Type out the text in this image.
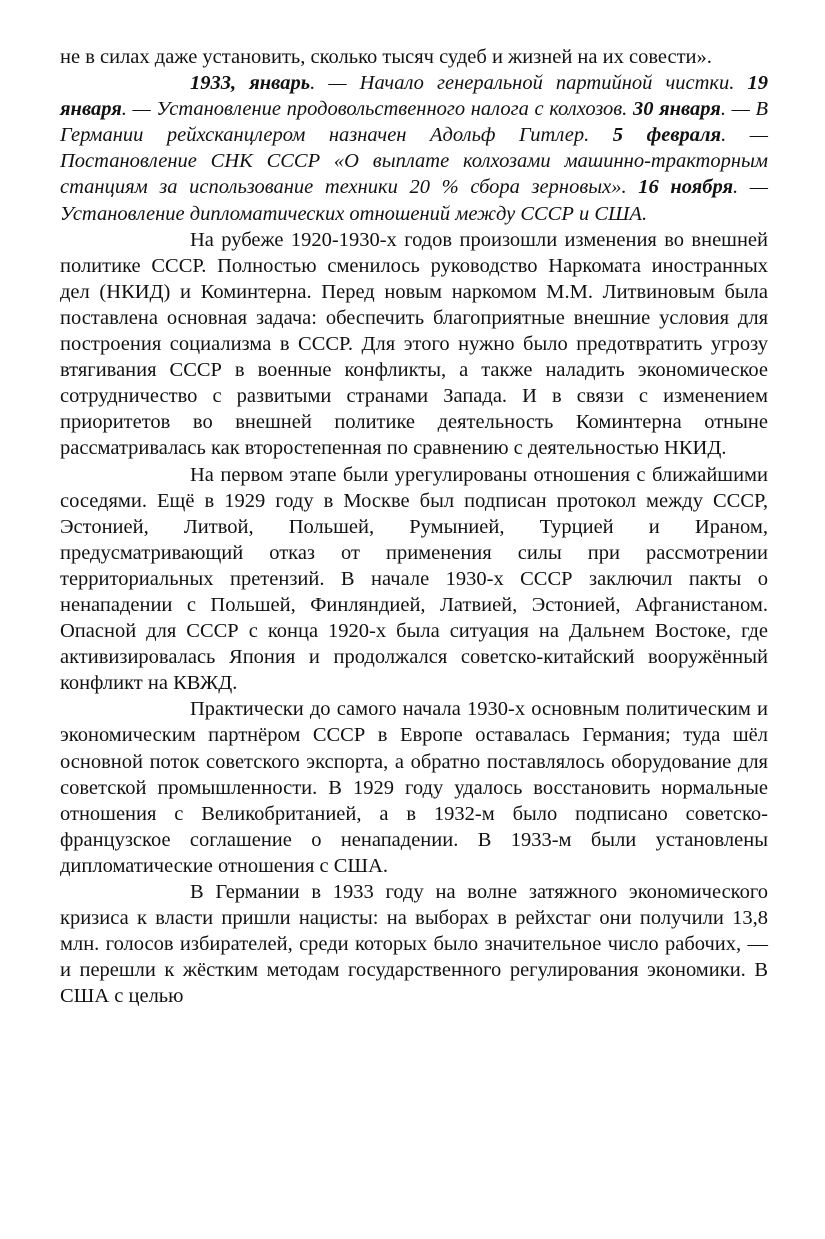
не в силах даже установить, сколько тысяч судеб и жизней на их совести».

1933, январь. — Начало генеральной партийной чистки. 19 января. — Установление продовольственного налога с колхозов. 30 января. — В Германии рейхсканцлером назначен Адольф Гитлер. 5 февраля. — Постановление СНК СССР «О выплате колхозами машинно-тракторным станциям за использование техники 20 % сбора зерновых». 16 ноября. — Установление дипломатических отношений между СССР и США.

На рубеже 1920-1930-х годов произошли изменения во внешней политике СССР. Полностью сменилось руководство Наркомата иностранных дел (НКИД) и Коминтерна. Перед новым наркомом М.М. Литвиновым была поставлена основная задача: обеспечить благоприятные внешние условия для построения социализма в СССР. Для этого нужно было предотвратить угрозу втягивания СССР в военные конфликты, а также наладить экономическое сотрудничество с развитыми странами Запада. И в связи с изменением приоритетов во внешней политике деятельность Коминтерна отныне рассматривалась как второстепенная по сравнению с деятельностью НКИД.

На первом этапе были урегулированы отношения с ближайшими соседями. Ещё в 1929 году в Москве был подписан протокол между СССР, Эстонией, Литвой, Польшей, Румынией, Турцией и Ираном, предусматривающий отказ от применения силы при рассмотрении территориальных претензий. В начале 1930-х СССР заключил пакты о ненападении с Польшей, Финляндией, Латвией, Эстонией, Афганистаном. Опасной для СССР с конца 1920-х была ситуация на Дальнем Востоке, где активизировалась Япония и продолжался советско-китайский вооружённый конфликт на КВЖД.

Практически до самого начала 1930-х основным политическим и экономическим партнёром СССР в Европе оставалась Германия; туда шёл основной поток советского экспорта, а обратно поставлялось оборудование для советской промышленности. В 1929 году удалось восстановить нормальные отношения с Великобританией, а в 1932-м было подписано советско-французское соглашение о ненападении. В 1933-м были установлены дипломатические отношения с США.

В Германии в 1933 году на волне затяжного экономического кризиса к власти пришли нацисты: на выборах в рейхстаг они получили 13,8 млн. голосов избирателей, среди которых было значительное число рабочих, — и перешли к жёстким методам государственного регулирования экономики. В США с целью
